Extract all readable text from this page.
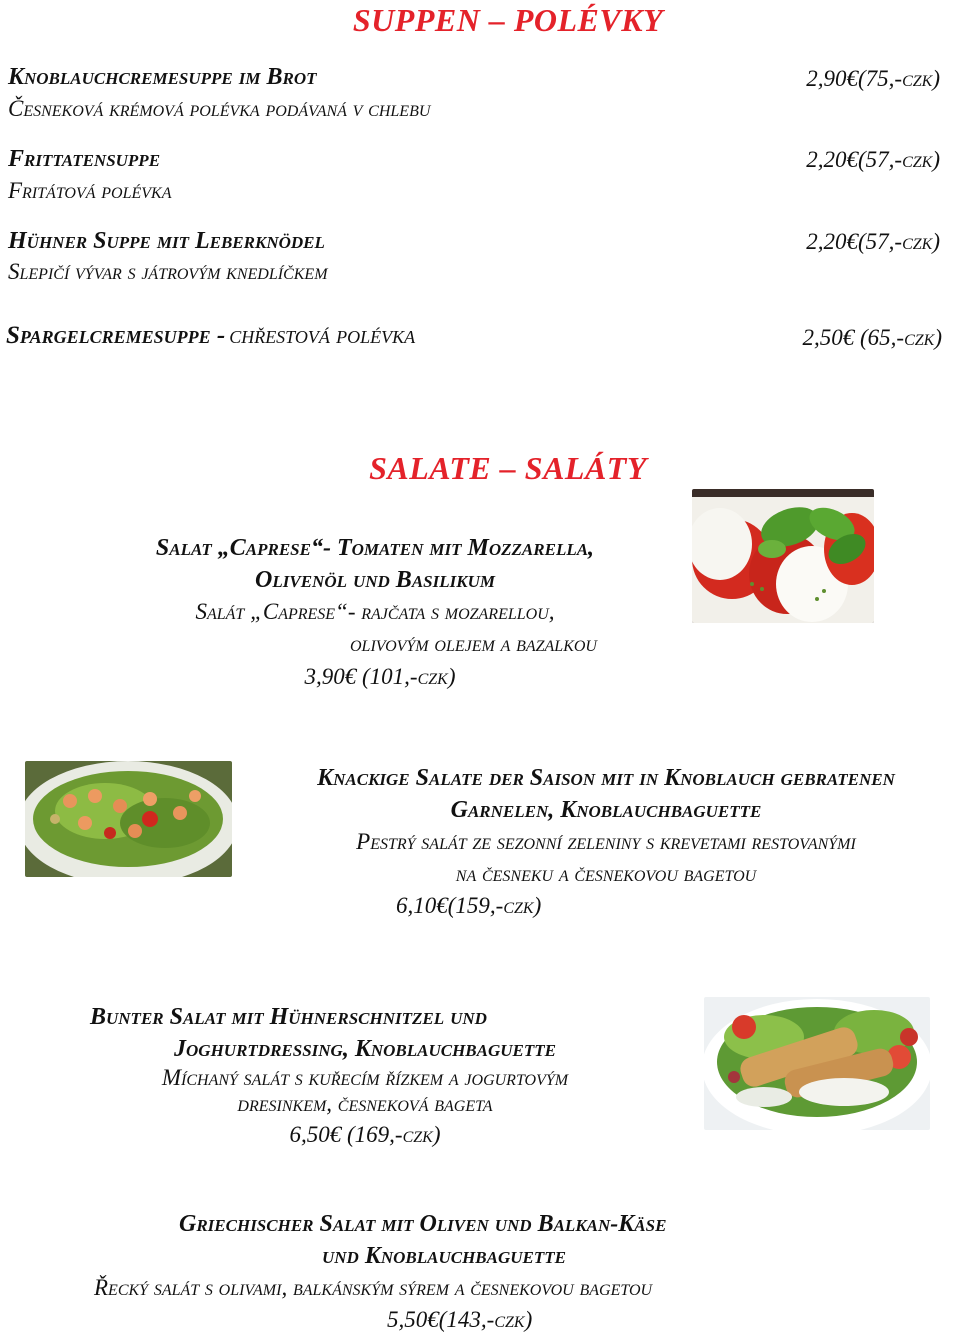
SUPPEN – POLÉVKY
Knoblauchcremesuppe im Brot
Česneková krémová polévka podávaná v chlebu
2,90€(75,-czk)
Frittatensuppe
Fritátová polévka
2,20€(57,-czk)
Hühner Suppe mit Leberknödel
Slepičí vývar s játrovým knedlíčkem
2,20€(57,-czk)
Spargelcremesuppe - chřestová polévka	2,50€ (65,-czk)
SALATE – SALÁTY
Salat „Caprese“- Tomaten mit Mozzarella,
Olivenöl und Basilikum
Salát „Caprese“- rajčata s mozarellou,
olivovým olejem a bazalkou
3,90€ (101,-czk)
Knackige Salate der Saison mit in Knoblauch gebratenen
Garnelen, Knoblauchbaguette
Pestrý salát ze sezonní zeleniny s krevetami restovanými
na česneku a česnekovou bagetou
6,10€(159,-czk)
Bunter Salat mit Hühnerschnitzel und
Joghurtdressing, Knoblauchbaguette
Míchaný salát s kuřecím řízkem a jogurtovým
dresinkem, česneková bageta
6,50€ (169,-czk)
Griechischer Salat mit Oliven und Balkan-Käse
und Knoblauchbaguette
Řecký salát s olivami, balkánským sýrem a česnekovou bagetou
5,50€(143,-czk)
